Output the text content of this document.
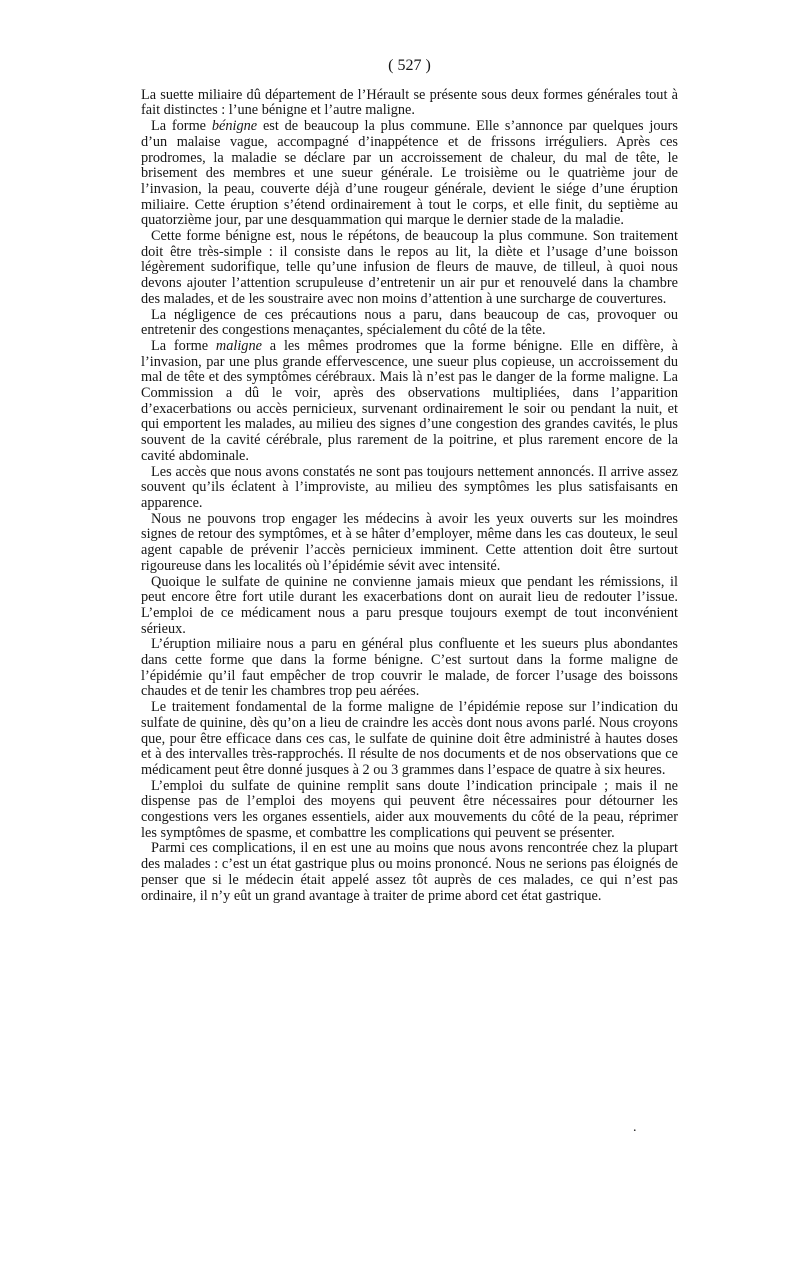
( 527 )

La suette miliaire dû département de l’Hérault se présente sous deux formes générales tout à fait distinctes : l’une bénigne et l’autre maligne.

La forme bénigne est de beaucoup la plus commune. Elle s’annonce par quelques jours d’un malaise vague, accompagné d’inappétence et de frissons irréguliers. Après ces prodromes, la maladie se déclare par un accroissement de chaleur, du mal de tête, le brisement des membres et une sueur générale. Le troisième ou le quatrième jour de l’invasion, la peau, couverte déjà d’une rougeur générale, devient le siége d’une éruption miliaire. Cette éruption s’étend ordinairement à tout le corps, et elle finit, du septième au quatorzième jour, par une desquammation qui marque le dernier stade de la maladie.

Cette forme bénigne est, nous le répétons, de beaucoup la plus commune. Son traitement doit être très-simple : il consiste dans le repos au lit, la diète et l’usage d’une boisson légèrement sudorifique, telle qu’une infusion de fleurs de mauve, de tilleul, à quoi nous devons ajouter l’attention scrupuleuse d’entretenir un air pur et renouvelé dans la chambre des malades, et de les soustraire avec non moins d’attention à une surcharge de couvertures.

La négligence de ces précautions nous a paru, dans beaucoup de cas, provoquer ou entretenir des congestions menaçantes, spécialement du côté de la tête.

La forme maligne a les mêmes prodromes que la forme bénigne. Elle en diffère, à l’invasion, par une plus grande effervescence, une sueur plus copieuse, un accroissement du mal de tête et des symptômes cérébraux. Mais là n’est pas le danger de la forme maligne. La Commission a dû le voir, après des observations multipliées, dans l’apparition d’exacerbations ou accès pernicieux, survenant ordinairement le soir ou pendant la nuit, et qui emportent les malades, au milieu des signes d’une congestion des grandes cavités, le plus souvent de la cavité cérébrale, plus rarement de la poitrine, et plus rarement encore de la cavité abdominale.

Les accès que nous avons constatés ne sont pas toujours nettement annoncés. Il arrive assez souvent qu’ils éclatent à l’improviste, au milieu des symptômes les plus satisfaisants en apparence.

Nous ne pouvons trop engager les médecins à avoir les yeux ouverts sur les moindres signes de retour des symptômes, et à se hâter d’employer, même dans les cas douteux, le seul agent capable de prévenir l’accès pernicieux imminent. Cette attention doit être surtout rigoureuse dans les localités où l’épidémie sévit avec intensité.

Quoique le sulfate de quinine ne convienne jamais mieux que pendant les rémissions, il peut encore être fort utile durant les exacerbations dont on aurait lieu de redouter l’issue. L’emploi de ce médicament nous a paru presque toujours exempt de tout inconvénient sérieux.

L’éruption miliaire nous a paru en général plus confluente et les sueurs plus abondantes dans cette forme que dans la forme bénigne. C’est surtout dans la forme maligne de l’épidémie qu’il faut empêcher de trop couvrir le malade, de forcer l’usage des boissons chaudes et de tenir les chambres trop peu aérées.

Le traitement fondamental de la forme maligne de l’épidémie repose sur l’indication du sulfate de quinine, dès qu’on a lieu de craindre les accès dont nous avons parlé. Nous croyons que, pour être efficace dans ces cas, le sulfate de quinine doit être administré à hautes doses et à des intervalles très-rapprochés. Il résulte de nos documents et de nos observations que ce médicament peut être donné jusques à 2 ou 3 grammes dans l’espace de quatre à six heures.

L’emploi du sulfate de quinine remplit sans doute l’indication principale ; mais il ne dispense pas de l’emploi des moyens qui peuvent être nécessaires pour détourner les congestions vers les organes essentiels, aider aux mouvements du côté de la peau, réprimer les symptômes de spasme, et combattre les complications qui peuvent se présenter.

Parmi ces complications, il en est une au moins que nous avons rencontrée chez la plupart des malades : c’est un état gastrique plus ou moins prononcé. Nous ne serions pas éloignés de penser que si le médecin était appelé assez tôt auprès de ces malades, ce qui n’est pas ordinaire, il n’y eût un grand avantage à traiter de prime abord cet état gastrique.

.
